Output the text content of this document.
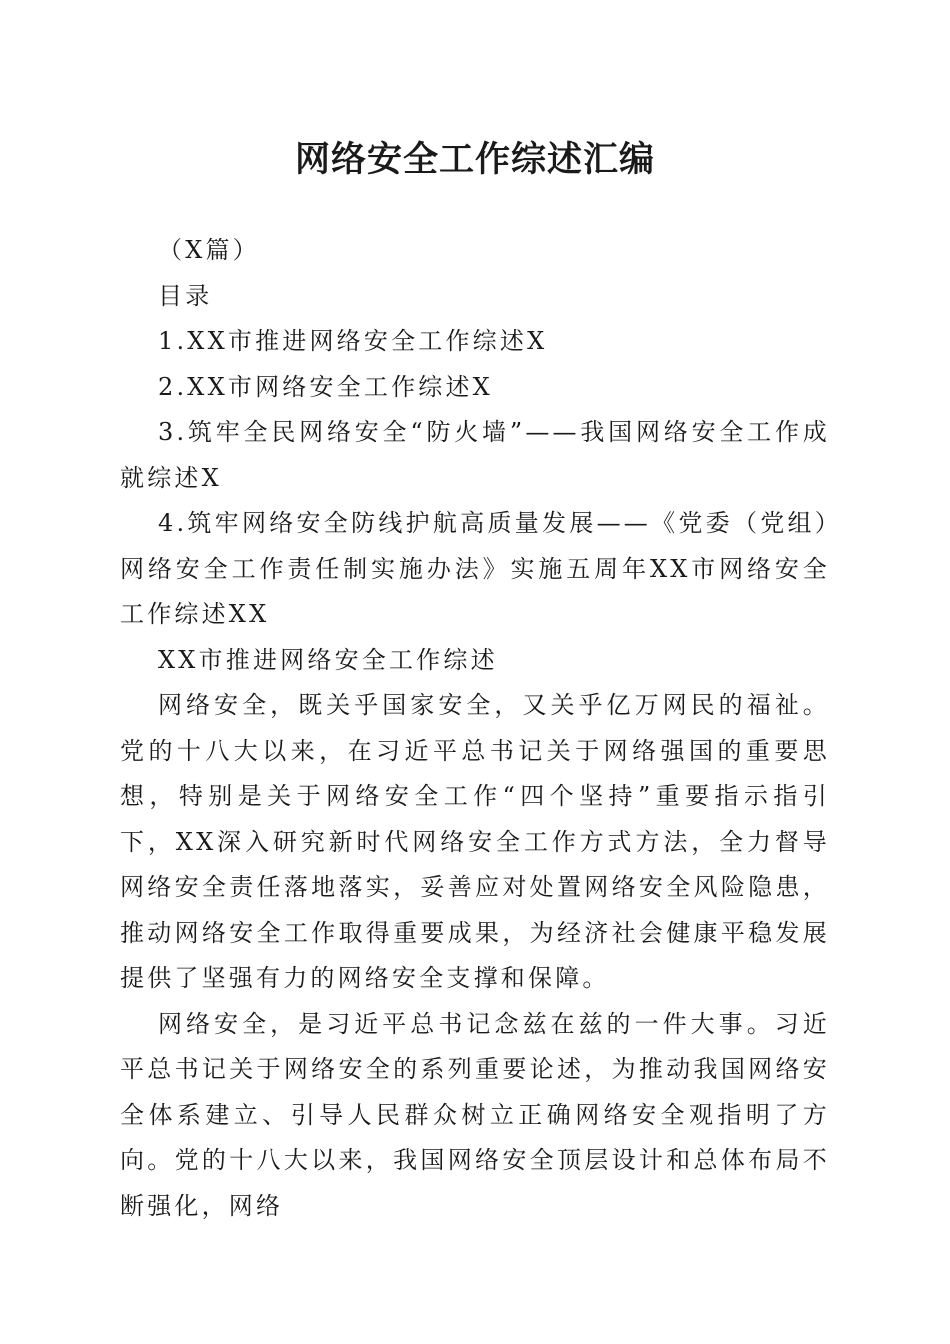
网络安全工作综述汇编

（X篇）

目录

1.XX市推进网络安全工作综述X

2.XX市网络安全工作综述X

3.筑牢全民网络安全“防火墙”——我国网络安全工作成就综述X

4.筑牢网络安全防线护航高质量发展——《党委（党组）网络安全工作责任制实施办法》实施五周年XX市网络安全工作综述XX

XX市推进网络安全工作综述

网络安全，既关乎国家安全，又关乎亿万网民的福祉。党的十八大以来，在习近平总书记关于网络强国的重要思想，特别是关于网络安全工作“四个坚持”重要指示指引下，XX深入研究新时代网络安全工作方式方法，全力督导网络安全责任落地落实，妥善应对处置网络安全风险隐患，推动网络安全工作取得重要成果，为经济社会健康平稳发展提供了坚强有力的网络安全支撑和保障。

网络安全，是习近平总书记念兹在兹的一件大事。习近平总书记关于网络安全的系列重要论述，为推动我国网络安全体系建立、引导人民群众树立正确网络安全观指明了方向。党的十八大以来，我国网络安全顶层设计和总体布局不断强化，网络
